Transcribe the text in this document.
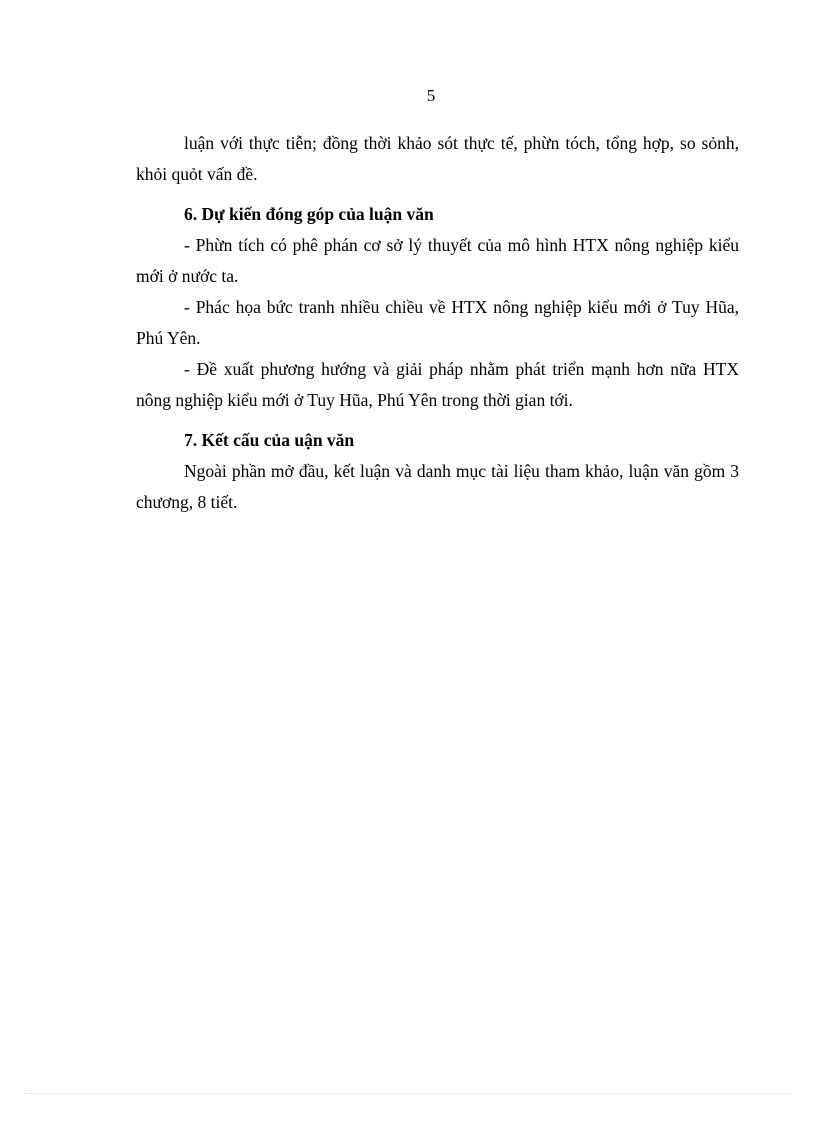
5

luận với thực tiễn; đồng thời khảo sót thực tế, phừn tóch, tổng hợp, so sỏnh, khỏi quỏt vấn đề.

6. Dự kiến đóng góp của luận văn

- Phừn tích có phê phán cơ sở lý thuyết của mô hình HTX nông nghiệp kiểu mới ở nước ta.

- Phác họa bức tranh nhiều chiều về HTX nông nghiệp kiểu mới ở Tuy Hũa, Phú Yên.

- Đề xuất phương hướng và giải pháp nhằm phát triển mạnh hơn nữa HTX nông nghiệp kiểu mới ở Tuy Hũa, Phú Yên trong thời gian tới.

7. Kết cấu của uận văn

Ngoài phần mở đầu, kết luận và danh mục tài liệu tham khảo, luận văn gồm 3 chương, 8 tiết.
